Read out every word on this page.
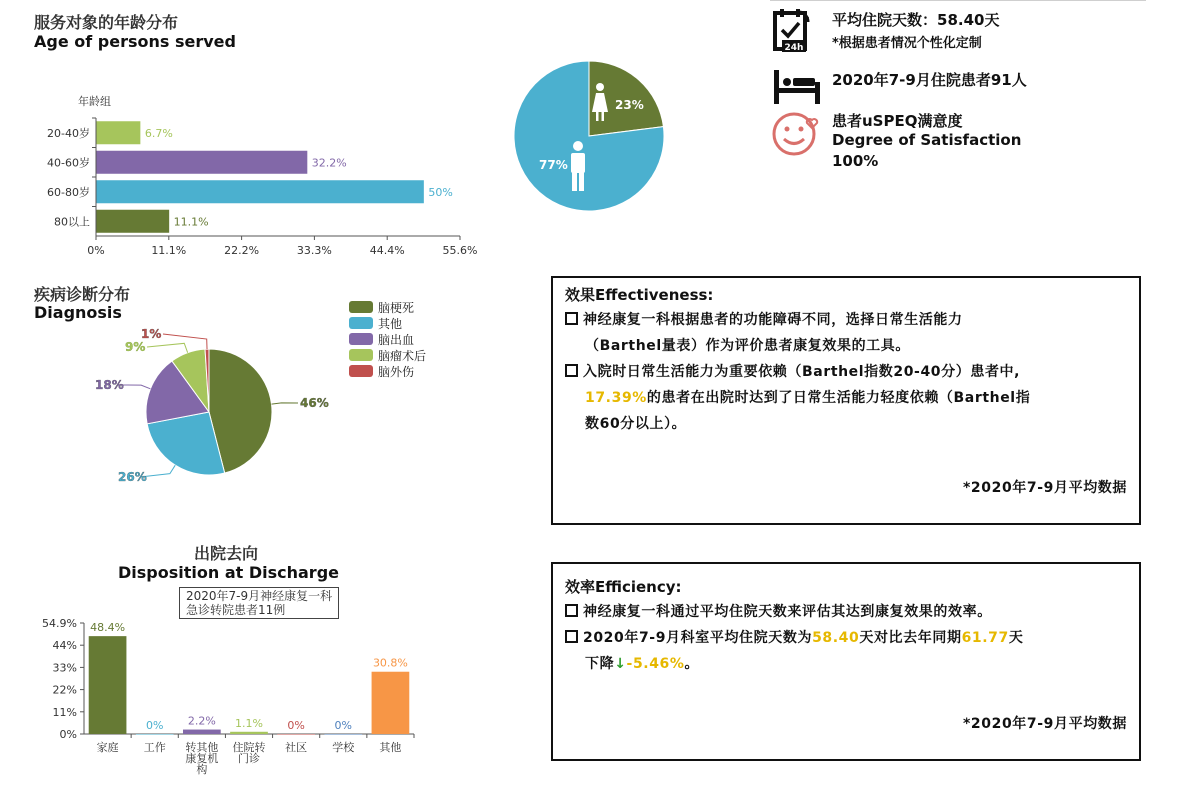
服务对象的年龄分布
Age of persons served
年龄组
0%	11.1%	22.2%	33.3%	44.4%	55.6%
20-40岁	6.7%
40-60岁	32.2%
60-80岁	50%
80以上	11.1%
23%
77%
24h
平均住院天数：58.40天
*根据患者情况个性化定制
2020年7-9月住院患者91人
患者uSPEQ满意度
Degree of Satisfaction
100%
疾病诊断分布
Diagnosis
46%
26%
18%
9%
1%
脑梗死
其他
脑出血
脑瘤术后
脑外伤
出院去向
Disposition at Discharge
2020年7-9月神经康复一科
急诊转院患者11例
0%
11%
22%
33%
44%
54.9% 48.4%
家庭
0%
工作
2.2%
转其他
康复机
构
1.1%
住院转
门诊
0%
社区
0%
学校
30.8%
其他
效果Effectiveness:
神经康复一科根据患者的功能障碍不同，选择日常生活能力
（Barthel量表）作为评价患者康复效果的工具。
入院时日常生活能力为重要依赖（Barthel指数20-40分）患者中,
17.39%的患者在出院时达到了日常生活能力轻度依赖（Barthel指
数60分以上）。
*2020年7-9月平均数据
效率Efficiency:
神经康复一科通过平均住院天数来评估其达到康复效果的效率。
2020年7-9月科室平均住院天数为58.40天对比去年同期61.77天
下降↓-5.46%。
*2020年7-9月平均数据
